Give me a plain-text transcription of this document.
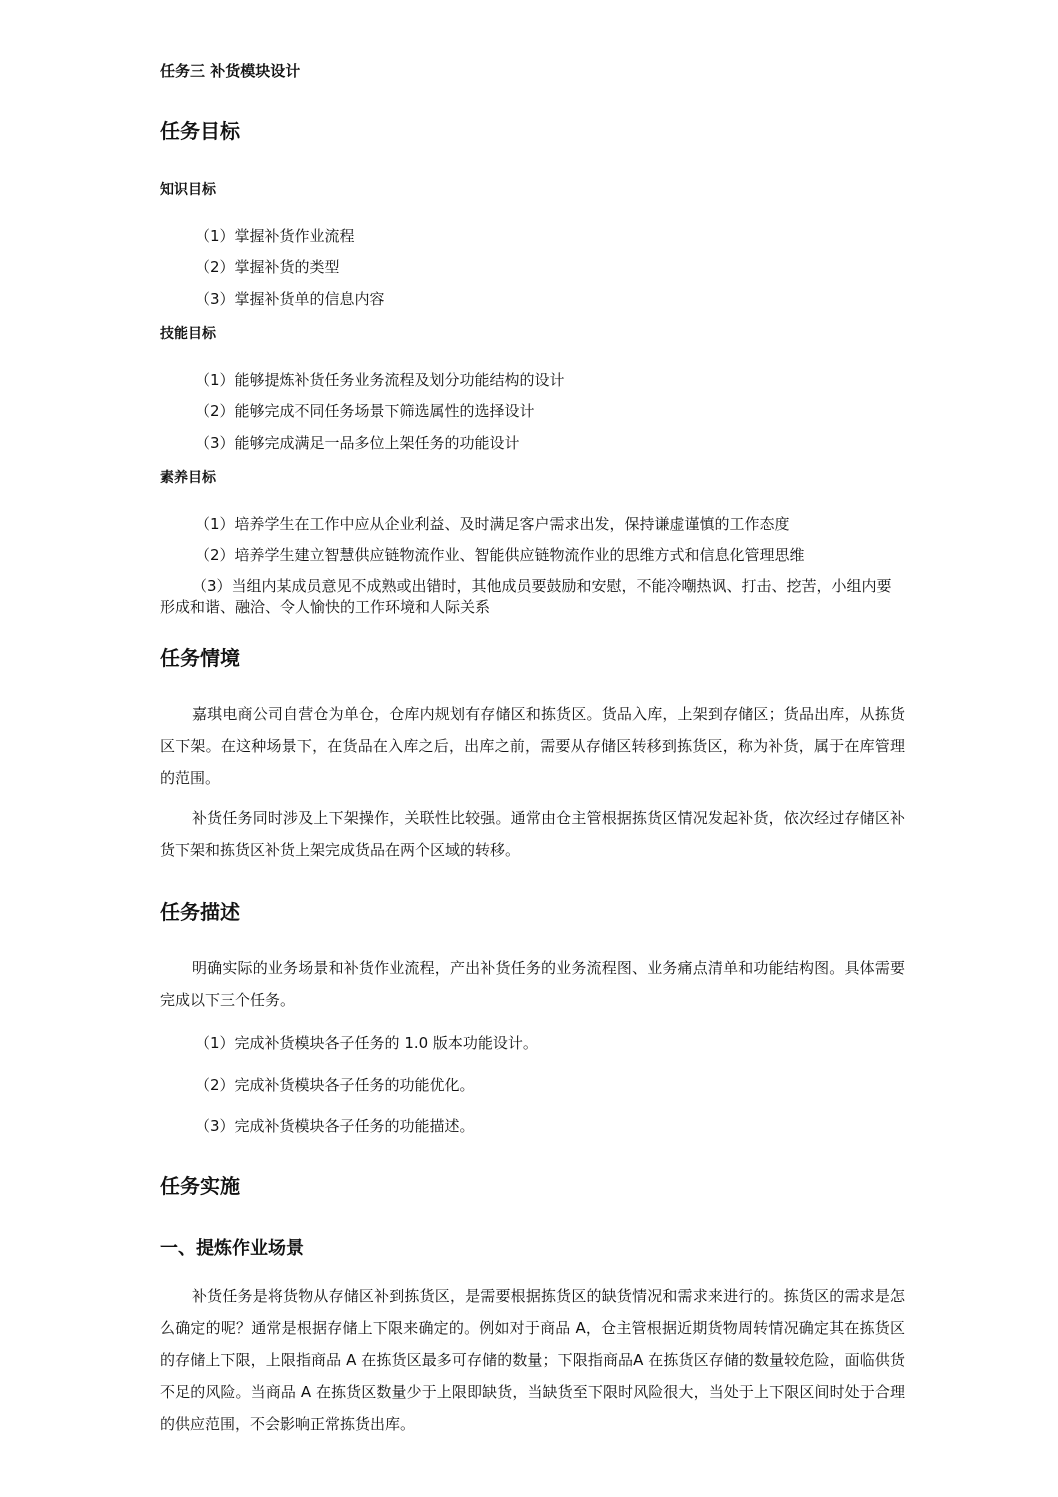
任务三 补货模块设计
任务目标
知识目标
（1）掌握补货作业流程
（2）掌握补货的类型
（3）掌握补货单的信息内容
技能目标
（1）能够提炼补货任务业务流程及划分功能结构的设计
（2）能够完成不同任务场景下筛选属性的选择设计
（3）能够完成满足一品多位上架任务的功能设计
素养目标
（1）培养学生在工作中应从企业利益、及时满足客户需求出发，保持谦虚谨慎的工作态度
（2）培养学生建立智慧供应链物流作业、智能供应链物流作业的思维方式和信息化管理思维
（3）当组内某成员意见不成熟或出错时，其他成员要鼓励和安慰，不能冷嘲热讽、打击、挖苦，小组内要形成和谐、融洽、令人愉快的工作环境和人际关系
任务情境
嘉琪电商公司自营仓为单仓，仓库内规划有存储区和拣货区。货品入库，上架到存储区；货品出库，从拣货区下架。在这种场景下，在货品在入库之后，出库之前，需要从存储区转移到拣货区，称为补货，属于在库管理的范围。
补货任务同时涉及上下架操作，关联性比较强。通常由仓主管根据拣货区情况发起补货，依次经过存储区补货下架和拣货区补货上架完成货品在两个区域的转移。
任务描述
明确实际的业务场景和补货作业流程，产出补货任务的业务流程图、业务痛点清单和功能结构图。具体需要完成以下三个任务。
（1）完成补货模块各子任务的 1.0 版本功能设计。
（2）完成补货模块各子任务的功能优化。
（3）完成补货模块各子任务的功能描述。
任务实施
一、提炼作业场景
补货任务是将货物从存储区补到拣货区，是需要根据拣货区的缺货情况和需求来进行的。拣货区的需求是怎么确定的呢？通常是根据存储上下限来确定的。例如对于商品 A，仓主管根据近期货物周转情况确定其在拣货区的存储上下限，上限指商品 A 在拣货区最多可存储的数量；下限指商品A 在拣货区存储的数量较危险，面临供货不足的风险。当商品 A 在拣货区数量少于上限即缺货，当缺货至下限时风险很大，当处于上下限区间时处于合理的供应范围，不会影响正常拣货出库。
